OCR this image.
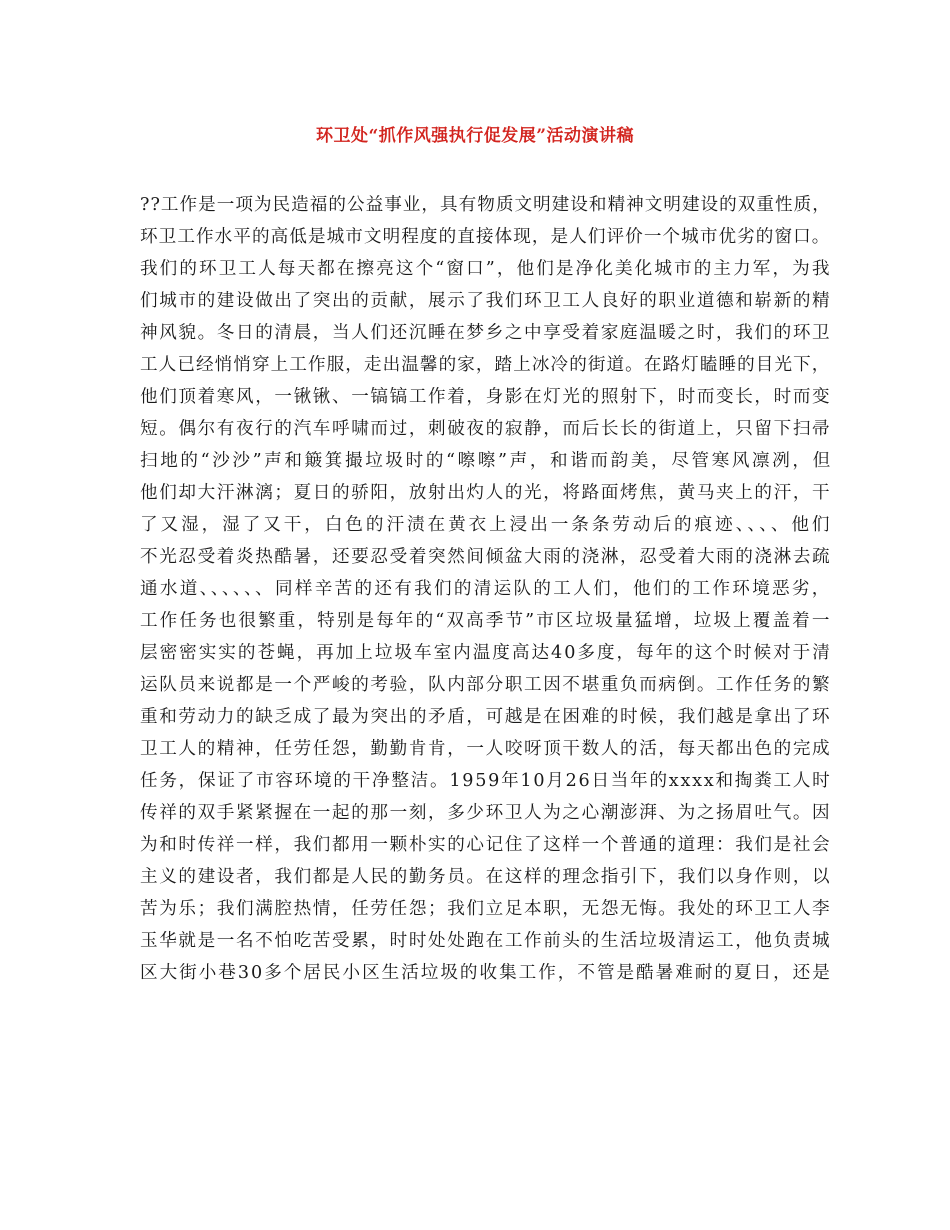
环卫处“抓作风强执行促发展”活动演讲稿
??工作是一项为民造福的公益事业，具有物质文明建设和精神文明建设的双重性质，
环卫工作水平的高低是城市文明程度的直接体现，是人们评价一个城市优劣的窗口。
我们的环卫工人每天都在擦亮这个“窗口”，他们是净化美化城市的主力军，为我
们城市的建设做出了突出的贡献，展示了我们环卫工人良好的职业道德和崭新的精
神风貌。冬日的清晨，当人们还沉睡在梦乡之中享受着家庭温暖之时，我们的环卫
工人已经悄悄穿上工作服，走出温馨的家，踏上冰冷的街道。在路灯瞌睡的目光下，
他们顶着寒风，一锹锹、一镐镐工作着，身影在灯光的照射下，时而变长，时而变
短。偶尔有夜行的汽车呼啸而过，刺破夜的寂静，而后长长的街道上，只留下扫帚
扫地的“沙沙”声和簸箕撮垃圾时的“嚓嚓”声，和谐而韵美，尽管寒风凛冽，但
他们却大汗淋漓；夏日的骄阳，放射出灼人的光，将路面烤焦，黄马夹上的汗，干
了又湿，湿了又干，白色的汗渍在黄衣上浸出一条条劳动后的痕迹、、、、他们
不光忍受着炎热酷暑，还要忍受着突然间倾盆大雨的浇淋，忍受着大雨的浇淋去疏
通水道、、、、、、同样辛苦的还有我们的清运队的工人们，他们的工作环境恶劣，
工作任务也很繁重，特别是每年的“双高季节”市区垃圾量猛增，垃圾上覆盖着一
层密密实实的苍蝇，再加上垃圾车室内温度高达40多度，每年的这个时候对于清
运队员来说都是一个严峻的考验，队内部分职工因不堪重负而病倒。工作任务的繁
重和劳动力的缺乏成了最为突出的矛盾，可越是在困难的时候，我们越是拿出了环
卫工人的精神，任劳任怨，勤勤肯肯，一人咬呀顶干数人的活，每天都出色的完成
任务，保证了市容环境的干净整洁。1959年10月26日当年的xxxx和掏粪工人时
传祥的双手紧紧握在一起的那一刻，多少环卫人为之心潮澎湃、为之扬眉吐气。因
为和时传祥一样，我们都用一颗朴实的心记住了这样一个普通的道理：我们是社会
主义的建设者，我们都是人民的勤务员。在这样的理念指引下，我们以身作则，以
苦为乐；我们满腔热情，任劳任怨；我们立足本职，无怨无悔。我处的环卫工人李
玉华就是一名不怕吃苦受累，时时处处跑在工作前头的生活垃圾清运工，他负责城
区大街小巷30多个居民小区生活垃圾的收集工作，不管是酷暑难耐的夏日，还是
